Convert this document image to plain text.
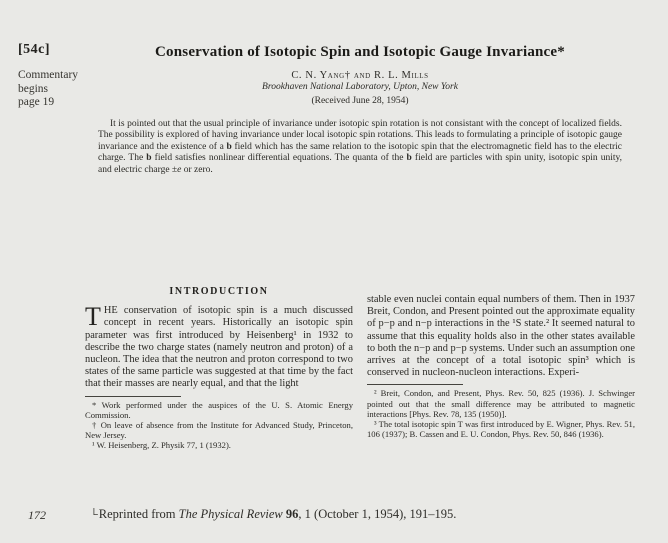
[54c]
Commentary
begins
page 19
Conservation of Isotopic Spin and Isotopic Gauge Invariance*
C. N. Yang† and R. L. Mills
Brookhaven National Laboratory, Upton, New York
(Received June 28, 1954)
It is pointed out that the usual principle of invariance under isotopic spin rotation is not consistant with the concept of localized fields. The possibility is explored of having invariance under local isotopic spin rotations. This leads to formulating a principle of isotopic gauge invariance and the existence of a b field which has the same relation to the isotopic spin that the electromagnetic field has to the electric charge. The b field satisfies nonlinear differential equations. The quanta of the b field are particles with spin unity, isotopic spin unity, and electric charge ±e or zero.
INTRODUCTION

THE conservation of isotopic spin is a much discussed concept in recent years. Historically an isotopic spin parameter was first introduced by Heisenberg¹ in 1932 to describe the two charge states (namely neutron and proton) of a nucleon. The idea that the neutron and proton correspond to two states of the same particle was suggested at that time by the fact that their masses are nearly equal, and that the light

* Work performed under the auspices of the U. S. Atomic Energy Commission.
† On leave of absence from the Institute for Advanced Study, Princeton, New Jersey.
¹ W. Heisenberg, Z. Physik 77, 1 (1932).

stable even nuclei contain equal numbers of them. Then in 1937 Breit, Condon, and Present pointed out the approximate equality of p−p and n−p interactions in the ¹S state.² It seemed natural to assume that this equality holds also in the other states available to both the n−p and p−p systems. Under such an assumption one arrives at the concept of a total isotopic spin³ which is conserved in nucleon-nucleon interactions. Experi-

² Breit, Condon, and Present, Phys. Rev. 50, 825 (1936). J. Schwinger pointed out that the small difference may be attributed to magnetic interactions [Phys. Rev. 78, 135 (1950)].
³ The total isotopic spin T was first introduced by E. Wigner, Phys. Rev. 51, 106 (1937); B. Cassen and E. U. Condon, Phys. Rev. 50, 846 (1936).
172	└Reprinted from The Physical Review 96, 1 (October 1, 1954), 191–195.
